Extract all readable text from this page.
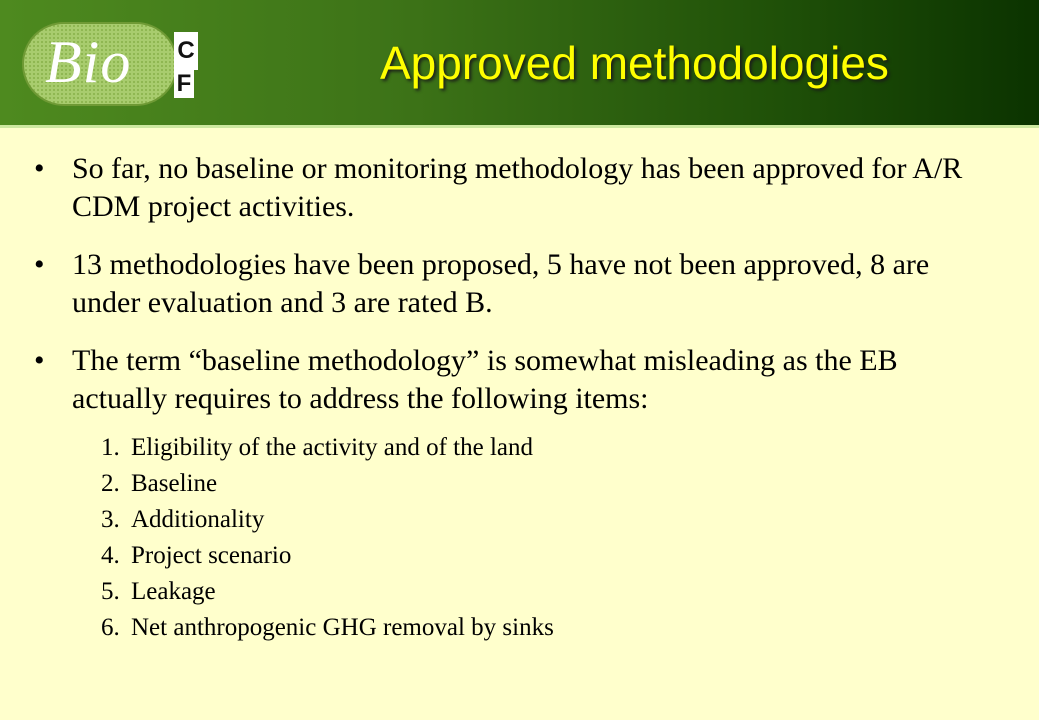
Bio C
F	Approved methodologies
• So far, no baseline or monitoring methodology has been approved for A/R CDM project activities.
• 13 methodologies have been proposed, 5 have not been approved, 8 are under evaluation and 3 are rated B.
• The term “baseline methodology” is somewhat misleading as the EB actually requires to address the following items:
1. Eligibility of the activity and of the land
2. Baseline
3. Additionality
4. Project scenario
5. Leakage
6. Net anthropogenic GHG removal by sinks
